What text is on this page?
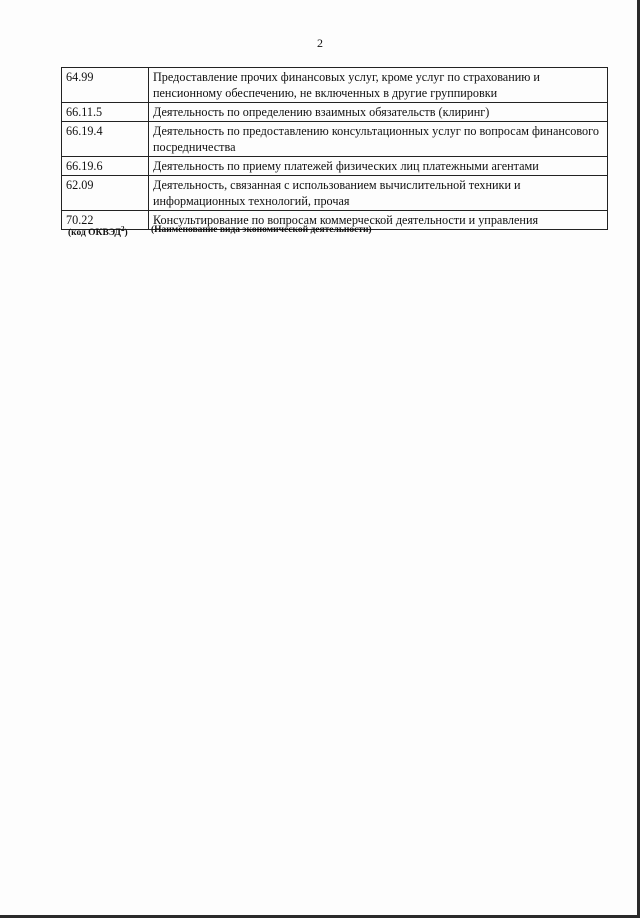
2
64.99	Предоставление прочих финансовых услуг, кроме услуг по страхованию и пенсионному обеспечению, не включенных в другие группировки
66.11.5	Деятельность по определению взаимных обязательств (клиринг)
66.19.4	Деятельность по предоставлению консультационных услуг по вопросам финансового посредничества
66.19.6	Деятельность по приему платежей физических лиц платежными агентами
62.09	Деятельность, связанная с использованием вычислительной техники и информационных технологий, прочая
70.22	Консультирование по вопросам коммерческой деятельности и управления
(код ОКВЭД$^2$) (Наименование вида экономической деятельности)
